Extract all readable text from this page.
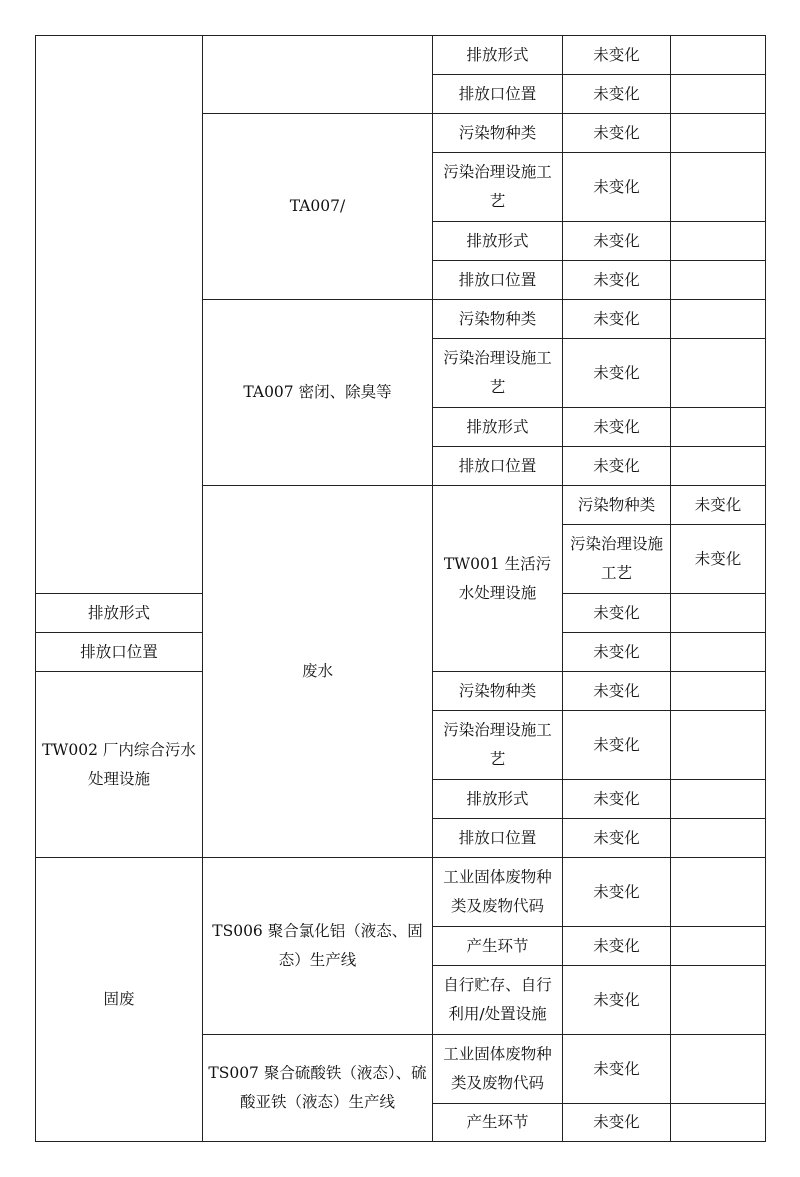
		排放形式	未变化		
		排放口位置	未变化		
	TA007/	污染物种类	未变化		
		污染治理设施工艺	未变化		
		排放形式	未变化		
		排放口位置	未变化		
	TA007 密闭、除臭等	污染物种类	未变化		
		污染治理设施工艺	未变化		
		排放形式	未变化		
		排放口位置	未变化		
	废水	TW001 生活污水处理设施	污染物种类	未变化	
			污染治理设施工艺	未变化	
排放形式			未变化		
排放口位置			未变化		
TW002 厂内综合污水处理设施		污染物种类	未变化		
		污染治理设施工艺	未变化		
		排放形式	未变化		
		排放口位置	未变化		
固废	TS006 聚合氯化铝（液态、固态）生产线	工业固体废物种类及废物代码	未变化		
		产生环节	未变化		
		自行贮存、自行利用/处置设施	未变化		
	TS007 聚合硫酸铁（液态）、硫酸亚铁（液态）生产线	工业固体废物种类及废物代码	未变化		
		产生环节	未变化		
